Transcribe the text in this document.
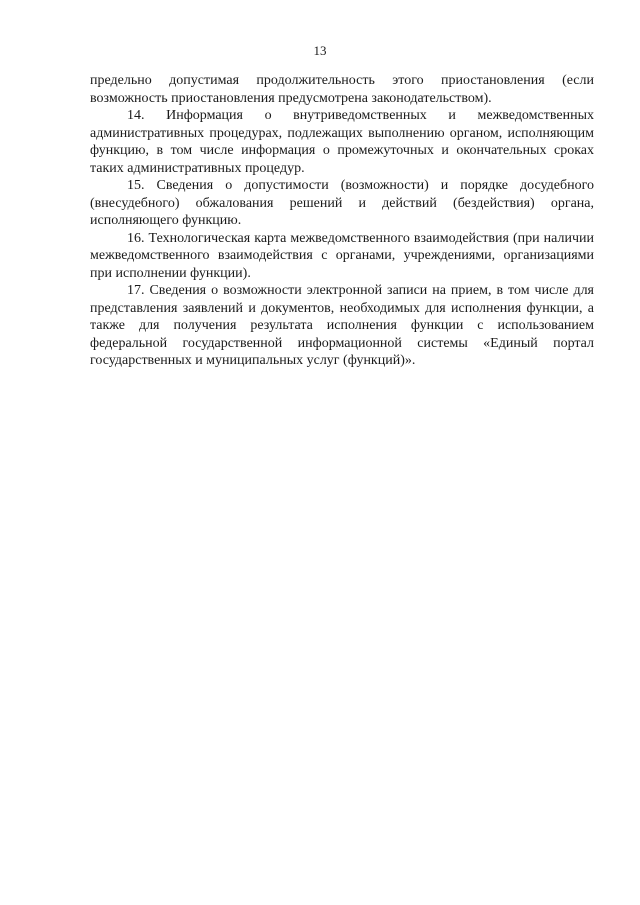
13

предельно допустимая продолжительность этого приостановления (если возможность приостановления предусмотрена законодательством).

14. Информация о внутриведомственных и межведомственных административных процедурах, подлежащих выполнению органом, исполняющим функцию, в том числе информация о промежуточных и окончательных сроках таких административных процедур.

15. Сведения о допустимости (возможности) и порядке досудебного (внесудебного) обжалования решений и действий (бездействия) органа, исполняющего функцию.

16. Технологическая карта межведомственного взаимодействия (при наличии межведомственного взаимодействия с органами, учреждениями, организациями при исполнении функции).

17. Сведения о возможности электронной записи на прием, в том числе для представления заявлений и документов, необходимых для исполнения функции, а также для получения результата исполнения функции с использованием федеральной государственной информационной системы «Единый портал государственных и муниципальных услуг (функций)».
